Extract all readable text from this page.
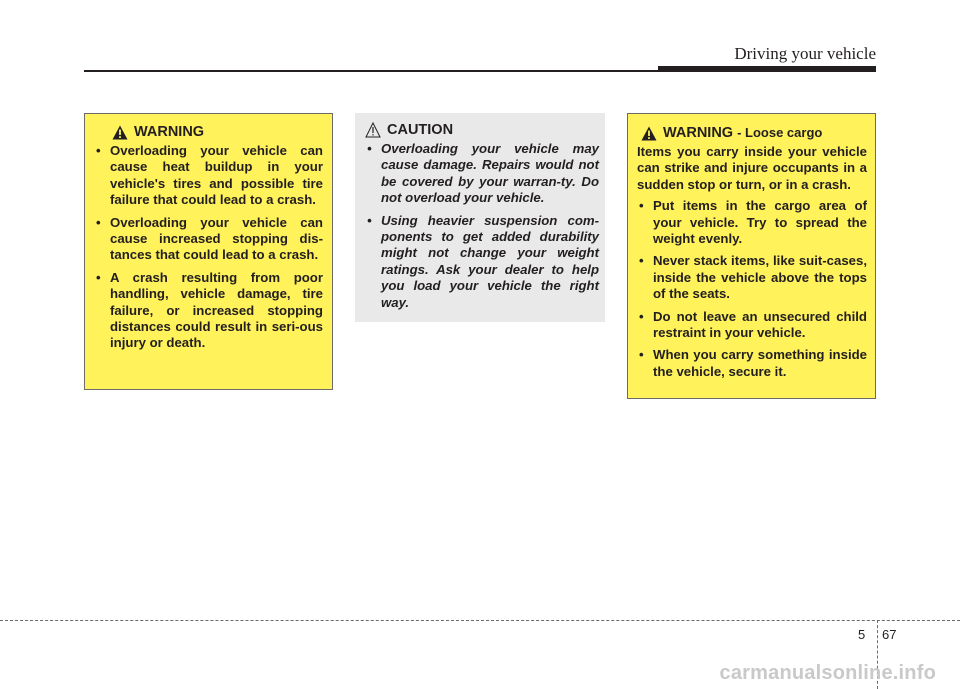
Driving your vehicle
WARNING
• Overloading your vehicle can cause heat buildup in your vehicle's tires and possible tire failure that could lead to a crash.
• Overloading your vehicle can cause increased stopping dis-tances that could lead to a crash.
• A crash resulting from poor handling, vehicle damage, tire failure, or increased stopping distances could result in seri-ous injury or death.
CAUTION
• Overloading your vehicle may cause damage. Repairs would not be covered by your warran-ty. Do not overload your vehicle.
• Using heavier suspension com-ponents to get added durability might not change your weight ratings. Ask your dealer to help you load your vehicle the right way.
WARNING - Loose cargo

Items you carry inside your vehicle can strike and injure occupants in a sudden stop or turn, or in a crash.

• Put items in the cargo area of your vehicle. Try to spread the weight evenly.
• Never stack items, like suit-cases, inside the vehicle above the tops of the seats.
• Do not leave an unsecured child restraint in your vehicle.
• When you carry something inside the vehicle, secure it.
5 67
carmanualsonline.info
